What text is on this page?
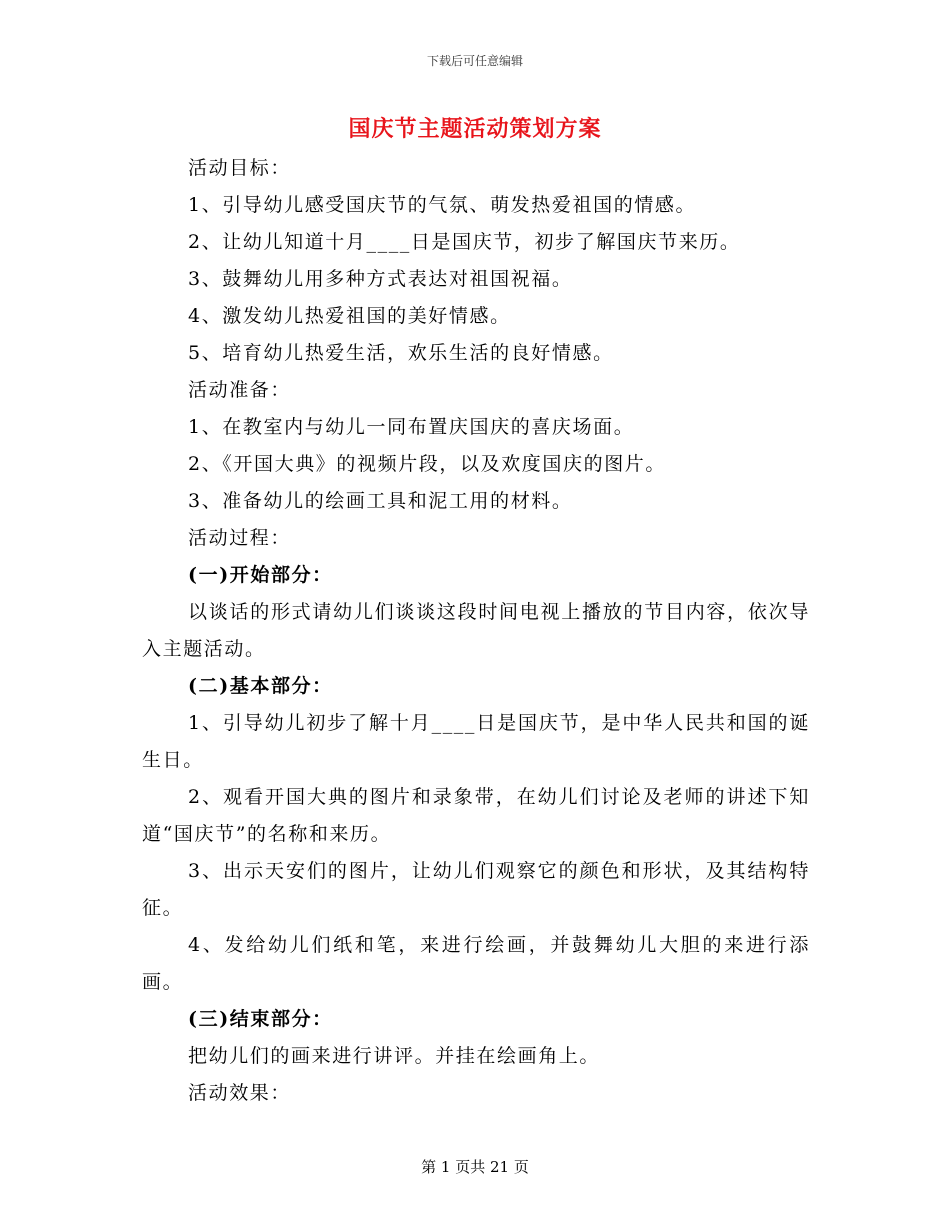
下载后可任意编辑
国庆节主题活动策划方案
活动目标：
1、引导幼儿感受国庆节的气氛、萌发热爱祖国的情感。
2、让幼儿知道十月____日是国庆节，初步了解国庆节来历。
3、鼓舞幼儿用多种方式表达对祖国祝福。
4、激发幼儿热爱祖国的美好情感。
5、培育幼儿热爱生活，欢乐生活的良好情感。
活动准备：
1、在教室内与幼儿一同布置庆国庆的喜庆场面。
2、《开国大典》的视频片段，以及欢度国庆的图片。
3、准备幼儿的绘画工具和泥工用的材料。
活动过程：
(一)开始部分：
以谈话的形式请幼儿们谈谈这段时间电视上播放的节目内容，依次导入主题活动。
(二)基本部分：
1、引导幼儿初步了解十月____日是国庆节，是中华人民共和国的诞生日。
2、观看开国大典的图片和录象带，在幼儿们讨论及老师的讲述下知道“国庆节”的名称和来历。
3、出示天安们的图片，让幼儿们观察它的颜色和形状，及其结构特征。
4、发给幼儿们纸和笔，来进行绘画，并鼓舞幼儿大胆的来进行添画。
(三)结束部分：
把幼儿们的画来进行讲评。并挂在绘画角上。
活动效果：
第 1 页共 21 页
